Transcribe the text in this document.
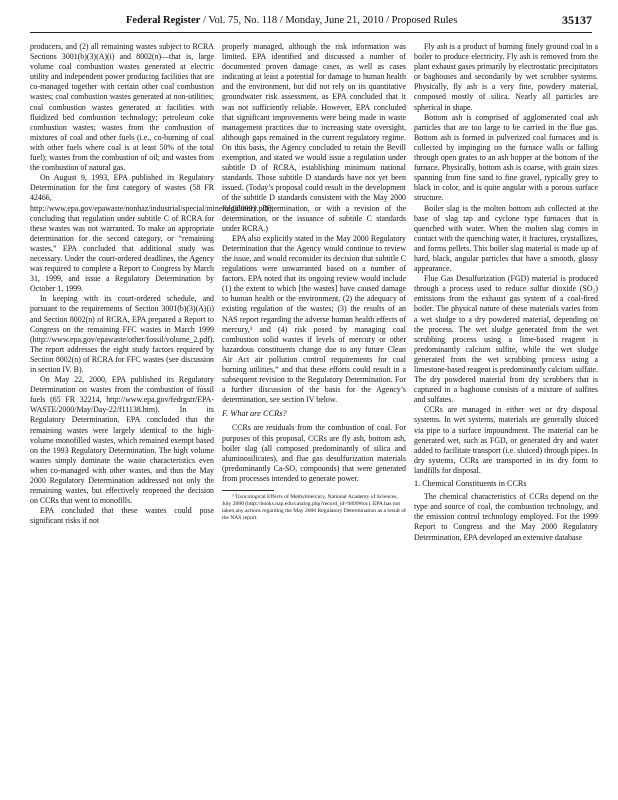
Federal Register / Vol. 75, No. 118 / Monday, June 21, 2010 / Proposed Rules	35137

producers, and (2) all remaining wastes subject to RCRA Sections 3001(b)(3)(A)(i) and 8002(n)—that is, large volume coal combustion wastes generated at electric utility and independent power producing facilities that are co-managed together with certain other coal combustion wastes; coal combustion wastes generated at non-utilities; coal combustion wastes generated at facilities with fluidized bed combustion technology; petroleum coke combustion wastes; wastes from the combustion of mixtures of coal and other fuels (i.e., co-burning of coal with other fuels where coal is at least 50% of the total fuel); wastes from the combustion of oil; and wastes from the combustion of natural gas.

On August 9, 1993, EPA published its Regulatory Determination for the first category of wastes (58 FR 42466, http://www.epa.gov/epawaste/nonhaz/industrial/special/mineral/080993.pdf), concluding that regulation under subtitle C of RCRA for these wastes was not warranted. To make an appropriate determination for the second category, or “remaining wastes,” EPA concluded that additional study was necessary. Under the court-ordered deadlines, the Agency was required to complete a Report to Congress by March 31, 1999, and issue a Regulatory Determination by October 1, 1999.

In keeping with its court-ordered schedule, and pursuant to the requirements of Section 3001(b)(3)(A)(i) and Section 8002(n) of RCRA, EPA prepared a Report to Congress on the remaining FFC wastes in March 1999 (http://www.epa.gov/epawaste/other/fossil/volume_2.pdf). The report addresses the eight study factors required by Section 8002(n) of RCRA for FFC wastes (see discussion in section IV. B).

On May 22, 2000, EPA published its Regulatory Determination on wastes from the combustion of fossil fuels (65 FR 32214, http://www.epa.gov/fedrgstr/EPA-WASTE/2000/May/Day-22/f11138.htm). In its Regulatory Determination, EPA concluded that the remaining wastes were largely identical to the high-volume monofilled wastes, which remained exempt based on the 1993 Regulatory Determination. The high volume wastes simply dominate the waste characteristics even when co-managed with other wastes, and thus the May 2000 Regulatory Determination addressed not only the remaining wastes, but effectively reopened the decision on CCRs that went to monofills.

EPA concluded that these wastes could pose significant risks if not

properly managed, although the risk information was limited. EPA identified and discussed a number of documented proven damage cases, as well as cases indicating at least a potential for damage to human health and the environment, but did not rely on its quantitative groundwater risk assessment, as EPA concluded that it was not sufficiently reliable. However, EPA concluded that significant improvements were being made in waste management practices due to increasing state oversight, although gaps remained in the current regulatory regime. On this basis, the Agency concluded to retain the Bevill exemption, and stated we would issue a regulation under subtitle D of RCRA, establishing minimum national standards. Those subtitle D standards have not yet been issued. (Today’s proposal could result in the development of the subtitle D standards consistent with the May 2000 Regulatory Determination, or with a revision of the determination, or the issuance of subtitle C standards under RCRA.)

EPA also explicitly stated in the May 2000 Regulatory Determination that the Agency would continue to review the issue, and would reconsider its decision that subtitle C regulations were unwarranted based on a number of factors. EPA noted that its ongoing review would include (1) the extent to which [the wastes] have caused damage to human health or the environment, (2) the adequacy of existing regulation of the wastes; (3) the results of an NAS report regarding the adverse human health effects of mercury,³ and (4) risk posed by managing coal combustion solid wastes if levels of mercury or other hazardous constituents change due to any future Clean Air Act air pollution control requirements for coal burning utilities,” and that these efforts could result in a subsequent revision to the Regulatory Determination. For a further discussion of the basis for the Agency’s determination, see section IV below.

F. What are CCRs?

CCRs are residuals from the combustion of coal. For purposes of this proposal, CCRs are fly ash, bottom ash, boiler slag (all composed predominantly of silica and aluminosilicates), and flue gas desulfurization materials (predominantly Ca-SOₓ compounds) that were generated from processes intended to generate power.

³ Toxicological Effects of Methylmercury, National Academy of Sciences, July 2000 (http://books.nap.edu/catalog.php?record_id=9899#toc). EPA has not taken any actions regarding the May 2000 Regulatory Determination as a result of the NAS report.

Fly ash is a product of burning finely ground coal in a boiler to produce electricity. Fly ash is removed from the plant exhaust gases primarily by electrostatic precipitators or baghouses and secondarily by wet scrubber systems. Physically, fly ash is a very fine, powdery material, composed mostly of silica. Nearly all particles are spherical in shape.

Bottom ash is comprised of agglomerated coal ash particles that are too large to be carried in the flue gas. Bottom ash is formed in pulverized coal furnaces and is collected by impinging on the furnace walls or falling through open grates to an ash hopper at the bottom of the furnace. Physically, bottom ash is coarse, with grain sizes spanning from fine sand to fine gravel, typically grey to black in color, and is quite angular with a porous surface structure.

Boiler slag is the molten bottom ash collected at the base of slag tap and cyclone type furnaces that is quenched with water. When the molten slag comes in contact with the quenching water, it fractures, crystallizes, and forms pellets. This boiler slag material is made up of hard, black, angular particles that have a smooth, glassy appearance.

Flue Gas Desulfurization (FGD) material is produced through a process used to reduce sulfur dioxide (SO₂) emissions from the exhaust gas system of a coal-fired boiler. The physical nature of these materials varies from a wet sludge to a dry powdered material, depending on the process. The wet sludge generated from the wet scrubbing process using a lime-based reagent is predominantly calcium sulfite, while the wet sludge generated from the wet scrubbing process using a limestone-based reagent is predominantly calcium sulfate. The dry powdered material from dry scrubbers that is captured in a baghouse consists of a mixture of sulfites and sulfates.

CCRs are managed in either wet or dry disposal systems. In wet systems, materials are generally sluiced via pipe to a surface impoundment. The material can be generated wet, such as FGD, or generated dry and water added to facilitate transport (i.e. sluiced) through pipes. In dry systems, CCRs are transported in its dry form to landfills for disposal.

1. Chemical Constituents in CCRs

The chemical characteristics of CCRs depend on the type and source of coal, the combustion technology, and the emission control technology employed. For the 1999 Report to Congress and the May 2000 Regulatory Determination, EPA developed an extensive database
